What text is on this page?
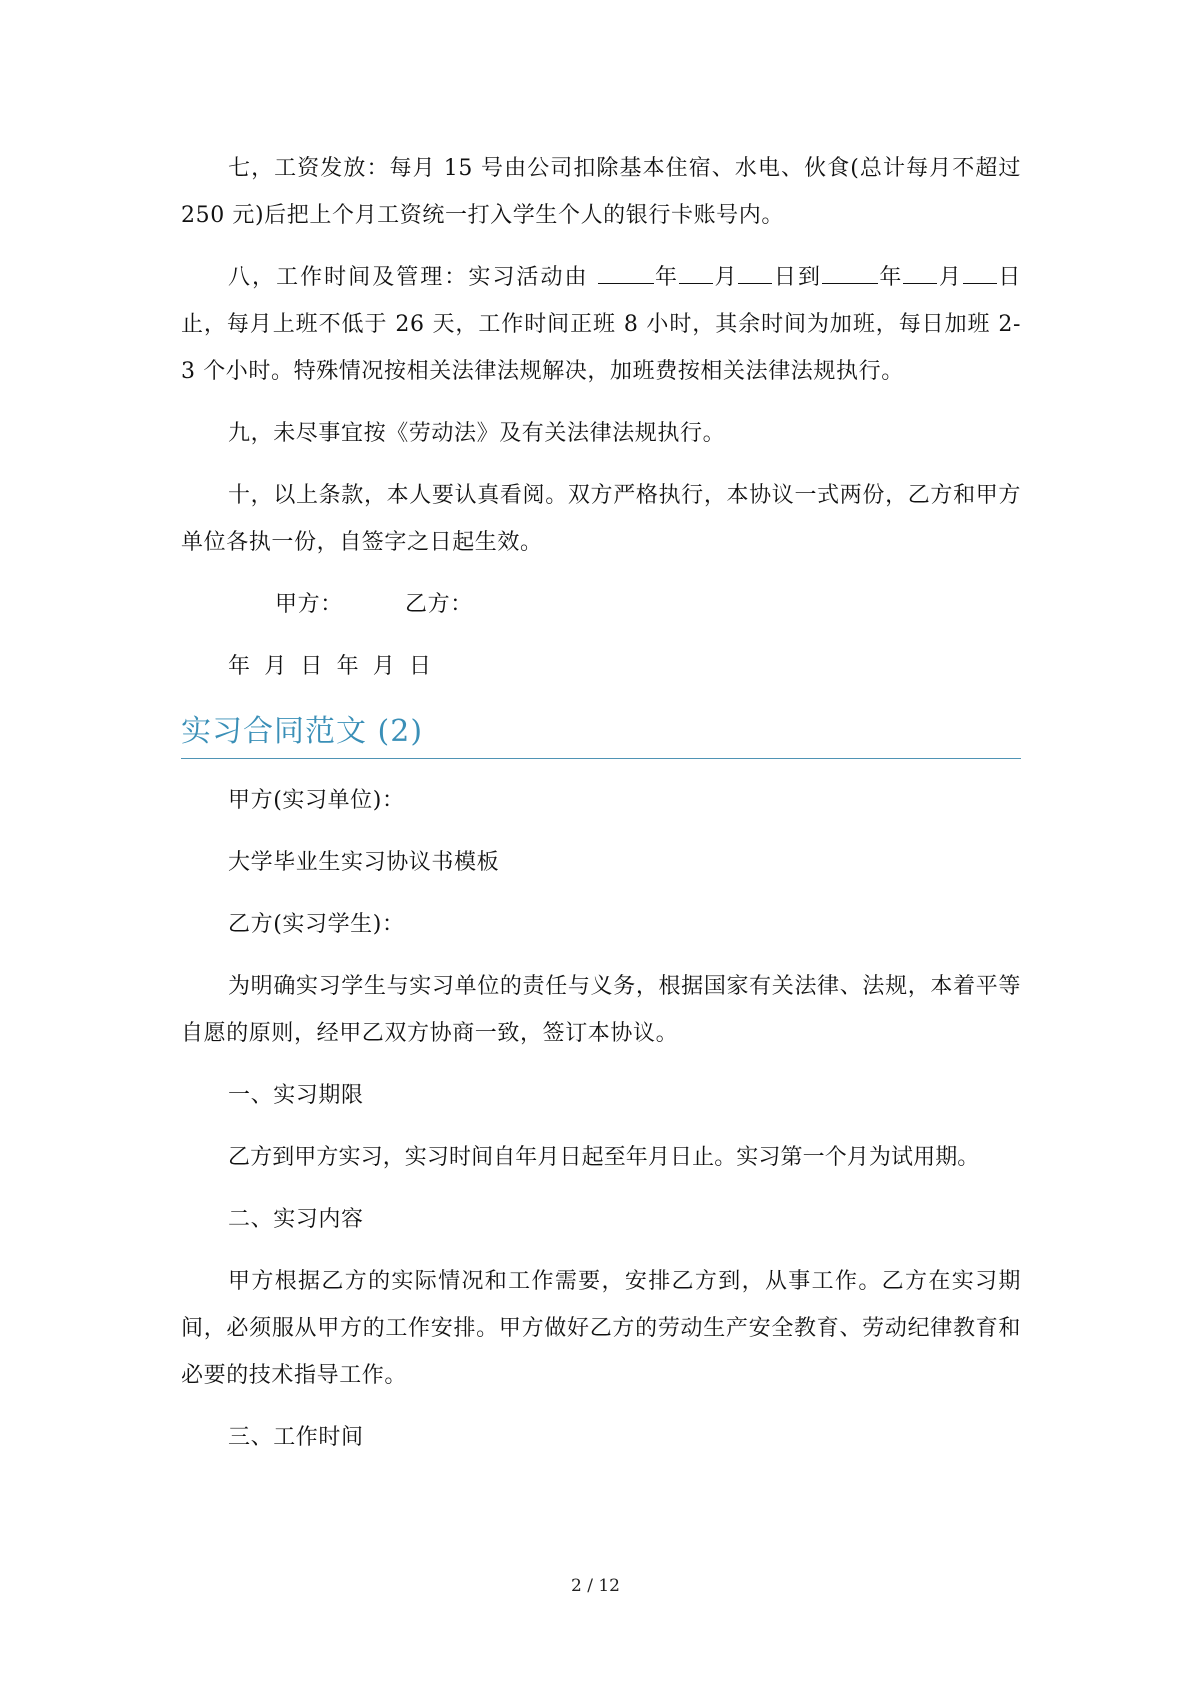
七，工资发放：每月 15 号由公司扣除基本住宿、水电、伙食(总计每月不超过 250 元)后把上个月工资统一打入学生个人的银行卡账号内。

八，工作时间及管理：实习活动由	年 月 日到	年 月 日止，每月上班不低于 26 天，工作时间正班 8 小时，其余时间为加班，每日加班 2-3 个小时。特殊情况按相关法律法规解决，加班费按相关法律法规执行。

九，未尽事宜按《劳动法》及有关法律法规执行。

十，以上条款，本人要认真看阅。双方严格执行，本协议一式两份，乙方和甲方单位各执一份，自签字之日起生效。

甲方：	乙方：

年 月 日 年 月 日

实习合同范文 (2)

甲方(实习单位)：

大学毕业生实习协议书模板

乙方(实习学生)：

为明确实习学生与实习单位的责任与义务，根据国家有关法律、法规，本着平等自愿的原则，经甲乙双方协商一致，签订本协议。

一、实习期限

乙方到甲方实习，实习时间自年月日起至年月日止。实习第一个月为试用期。

二、实习内容

甲方根据乙方的实际情况和工作需要，安排乙方到，从事工作。乙方在实习期间，必须服从甲方的工作安排。甲方做好乙方的劳动生产安全教育、劳动纪律教育和必要的技术指导工作。

三、工作时间

2 / 12
